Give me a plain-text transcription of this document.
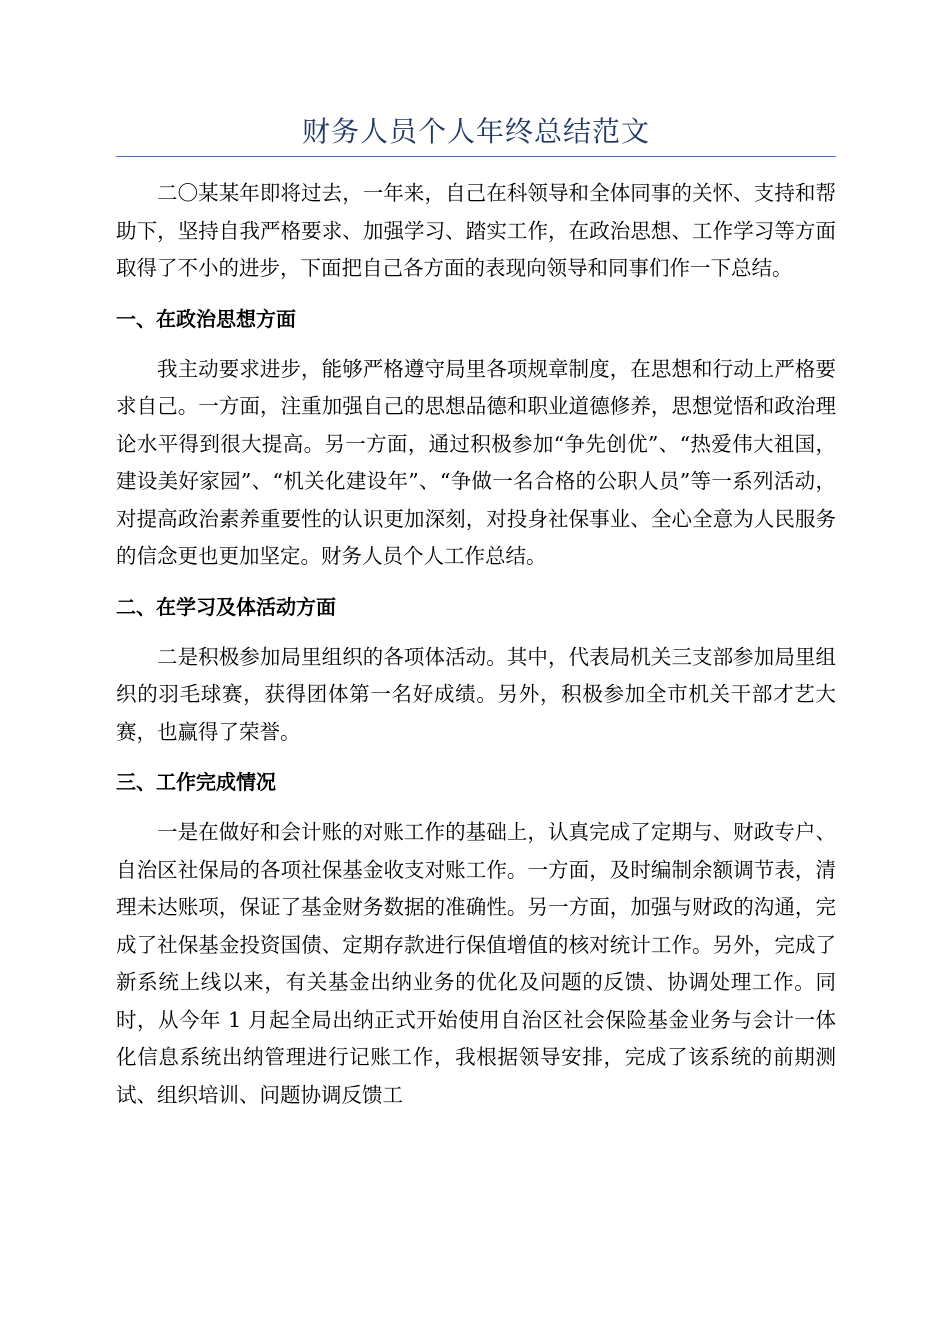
财务人员个人年终总结范文

二〇某某年即将过去，一年来，自己在科领导和全体同事的关怀、支持和帮助下，坚持自我严格要求、加强学习、踏实工作，在政治思想、工作学习等方面取得了不小的进步，下面把自己各方面的表现向领导和同事们作一下总结。

一、在政治思想方面

我主动要求进步，能够严格遵守局里各项规章制度，在思想和行动上严格要求自己。一方面，注重加强自己的思想品德和职业道德修养，思想觉悟和政治理论水平得到很大提高。另一方面，通过积极参加“争先创优”、“热爱伟大祖国，建设美好家园”、“机关化建设年”、“争做一名合格的公职人员”等一系列活动，对提高政治素养重要性的认识更加深刻，对投身社保事业、全心全意为人民服务的信念更也更加坚定。财务人员个人工作总结。

二、在学习及体活动方面

二是积极参加局里组织的各项体活动。其中，代表局机关三支部参加局里组织的羽毛球赛，获得团体第一名好成绩。另外，积极参加全市机关干部才艺大赛，也赢得了荣誉。

三、工作完成情况

一是在做好和会计账的对账工作的基础上，认真完成了定期与、财政专户、自治区社保局的各项社保基金收支对账工作。一方面，及时编制余额调节表，清理未达账项，保证了基金财务数据的准确性。另一方面，加强与财政的沟通，完成了社保基金投资国债、定期存款进行保值增值的核对统计工作。另外，完成了新系统上线以来，有关基金出纳业务的优化及问题的反馈、协调处理工作。同时，从今年 1 月起全局出纳正式开始使用自治区社会保险基金业务与会计一体化信息系统出纳管理进行记账工作，我根据领导安排，完成了该系统的前期测试、组织培训、问题协调反馈工
